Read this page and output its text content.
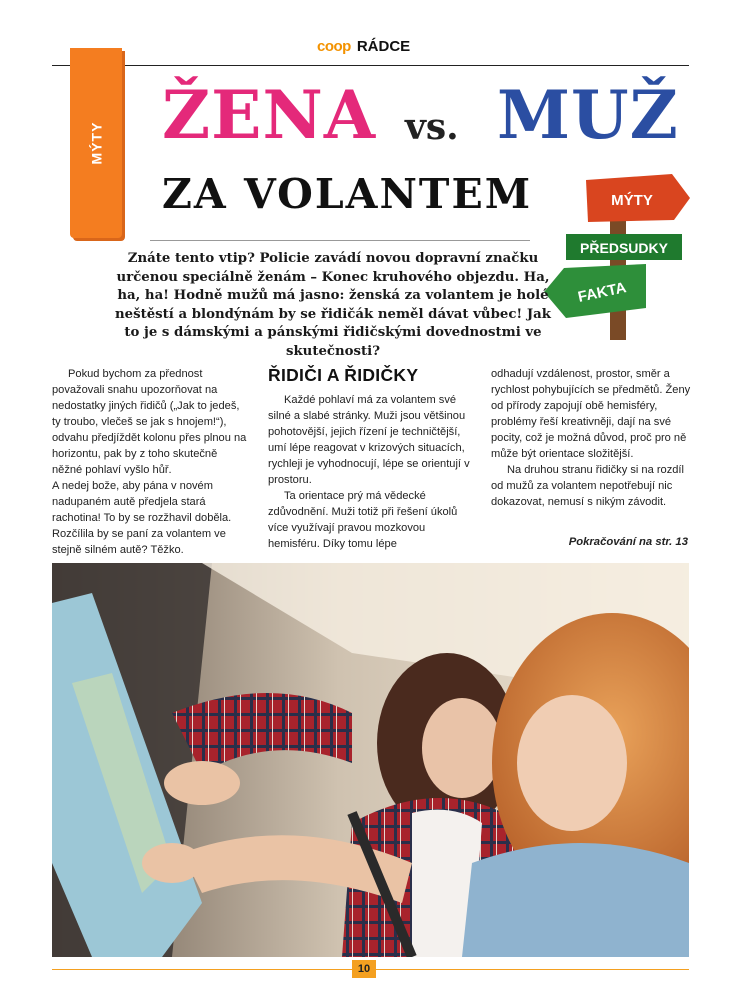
coop RÁDCE
MÝTY ŽENA vs. MUŽ
ZA VOLANTEM	MÝTY
PŘEDSUDKY
FAKTA
Znáte tento vtip? Policie zavádí novou dopravní značku určenou speciálně ženám – Konec kruhového objezdu. Ha, ha, ha! Hodně mužů má jasno: ženská za volantem je holé neštěstí a blondýnám by se řidičák neměl dávat vůbec! Jak to je s dámskými a pánskými řidičskými dovednostmi ve skutečnosti?

Pokud bychom za přednost považovali snahu upozorňovat na nedostatky jiných řidičů („Jak to jedeš, ty troubo, vlečeš se jak s hnojem!“), odvahu předjíždět kolonu přes plnou na horizontu, pak by z toho skutečně něžné pohlaví vyšlo hůř.

A nedej bože, aby pána v novém nadupaném autě předjela stará rachotina! To by se rozžhavil doběla. Rozčílila by se paní za volantem ve stejně silném autě? Těžko.

ŘIDIČI A ŘIDIČKY

Každé pohlaví má za volantem své silné a slabé stránky. Muži jsou většinou pohotovější, jejich řízení je techničtější, umí lépe reagovat v krizových situacích, rychleji je vyhodnocují, lépe se orientují v prostoru.

Ta orientace prý má vědecké zdůvodnění. Muži totiž při řešení úkolů více využívají pravou mozkovou hemisféru. Díky tomu lépe

odhadují vzdálenost, prostor, směr a rychlost pohybujících se předmětů. Ženy od přírody zapojují obě hemisféry, problémy řeší kreativněji, dají na své pocity, což je možná důvod, proč pro ně může být orientace složitější.

Na druhou stranu řidičky si na rozdíl od mužů za volantem nepotřebují nic dokazovat, nemusí s nikým závodit.

Pokračování na str. 13
10
